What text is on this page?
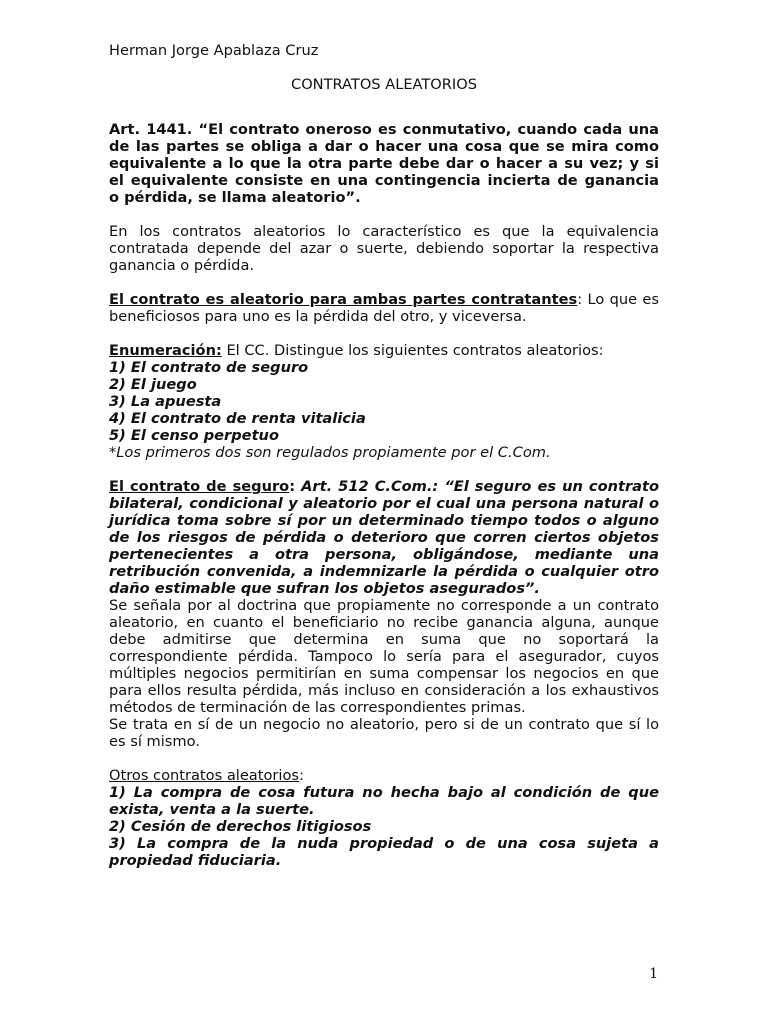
Herman Jorge Apablaza Cruz
CONTRATOS ALEATORIOS
Art. 1441. “El contrato oneroso es conmutativo, cuando cada una de las partes se obliga a dar o hacer una cosa que se mira como equivalente a lo que la otra parte debe dar o hacer a su vez; y si el equivalente consiste en una contingencia incierta de ganancia o pérdida, se llama aleatorio”.
En los contratos aleatorios lo característico es que la equivalencia contratada depende del azar o suerte, debiendo soportar la respectiva ganancia o pérdida.
El contrato es aleatorio para ambas partes contratantes: Lo que es beneficiosos para uno es la pérdida del otro, y viceversa.
Enumeración: El CC. Distingue los siguientes contratos aleatorios:
1) El contrato de seguro
2) El juego
3) La apuesta
4) El contrato de renta vitalicia
5) El censo perpetuo
*Los primeros dos son regulados propiamente por el C.Com.
El contrato de seguro: Art. 512 C.Com.: “El seguro es un contrato bilateral, condicional y aleatorio por el cual una persona natural o jurídica toma sobre sí por un determinado tiempo todos o alguno de los riesgos de pérdida o deterioro que corren ciertos objetos pertenecientes a otra persona, obligándose, mediante una retribución convenida, a indemnizarle la pérdida o cualquier otro daño estimable que sufran los objetos asegurados”.
Se señala por al doctrina que propiamente no corresponde a un contrato aleatorio, en cuanto el beneficiario no recibe ganancia alguna, aunque debe admitirse que determina en suma que no soportará la correspondiente pérdida. Tampoco lo sería para el asegurador, cuyos múltiples negocios permitirían en suma compensar los negocios en que para ellos resulta pérdida, más incluso en consideración a los exhaustivos métodos de terminación de las correspondientes primas.
Se trata en sí de un negocio no aleatorio, pero si de un contrato que sí lo es sí mismo.
Otros contratos aleatorios:
1) La compra de cosa futura no hecha bajo al condición de que exista, venta a la suerte.
2) Cesión de derechos litigiosos
3) La compra de la nuda propiedad o de una cosa sujeta a propiedad fiduciaria.
1
